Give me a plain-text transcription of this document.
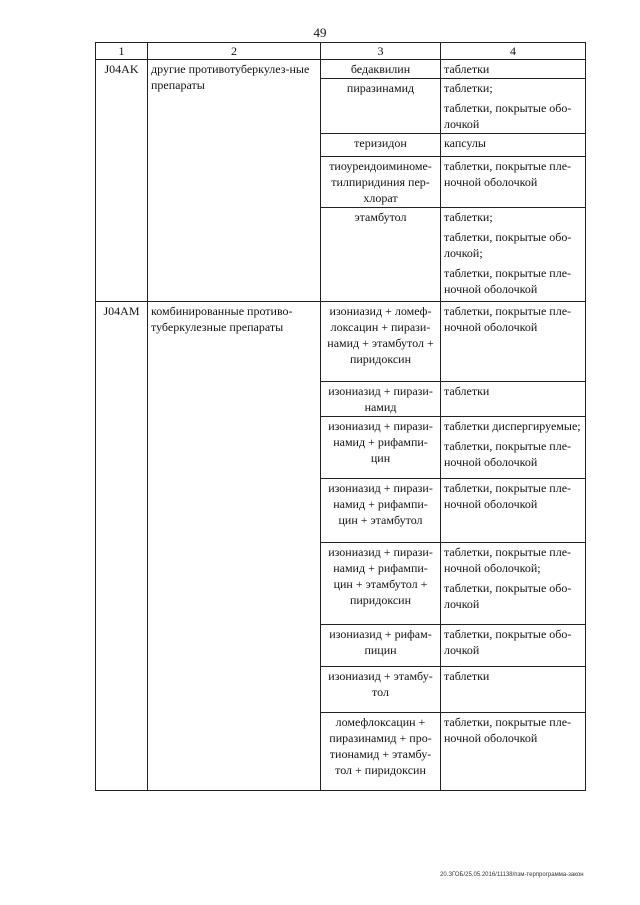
49
1	2	3	4
J04AK	другие противотуберкулез-ные препараты	бедаквилин	таблетки

		пиразинамид	таблетки;

таблетки, покрытые обо-лочкой

		теризидон	капсулы

		тиоуреидоиминоме-тилпиридиния пер-хлорат	таблетки, покрытые пле-ночной оболочкой

		этамбутол	таблетки;

таблетки, покрытые обо-лочкой;

таблетки, покрытые пле-ночной оболочкой

J04AM	комбинированные противо-туберкулезные препараты	изониазид + ломеф-локсацин + пирази-намид + этамбутол + пиридоксин	таблетки, покрытые пле-ночной оболочкой

		изониазид + пирази-намид	таблетки

		изониазид + пирази-намид + рифампи-цин	таблетки диспергируемые;

таблетки, покрытые пле-ночной оболочкой

		изониазид + пирази-намид + рифампи-цин + этамбутол	таблетки, покрытые пле-ночной оболочкой

		изониазид + пирази-намид + рифампи-цин + этамбутол + пиридоксин	таблетки, покрытые пле-ночной оболочкой;

таблетки, покрытые обо-лочкой

		изониазид + рифам-пицин	таблетки, покрытые обо-лочкой

		изониазид + этамбу-тол	таблетки

		ломефлоксацин + пиразинамид + про-тионамид + этамбу-тол + пиридоксин	таблетки, покрытые пле-ночной оболочкой

20.ЗГОБ/25.05.2016/11138/пзм-терпрограмма-закон
